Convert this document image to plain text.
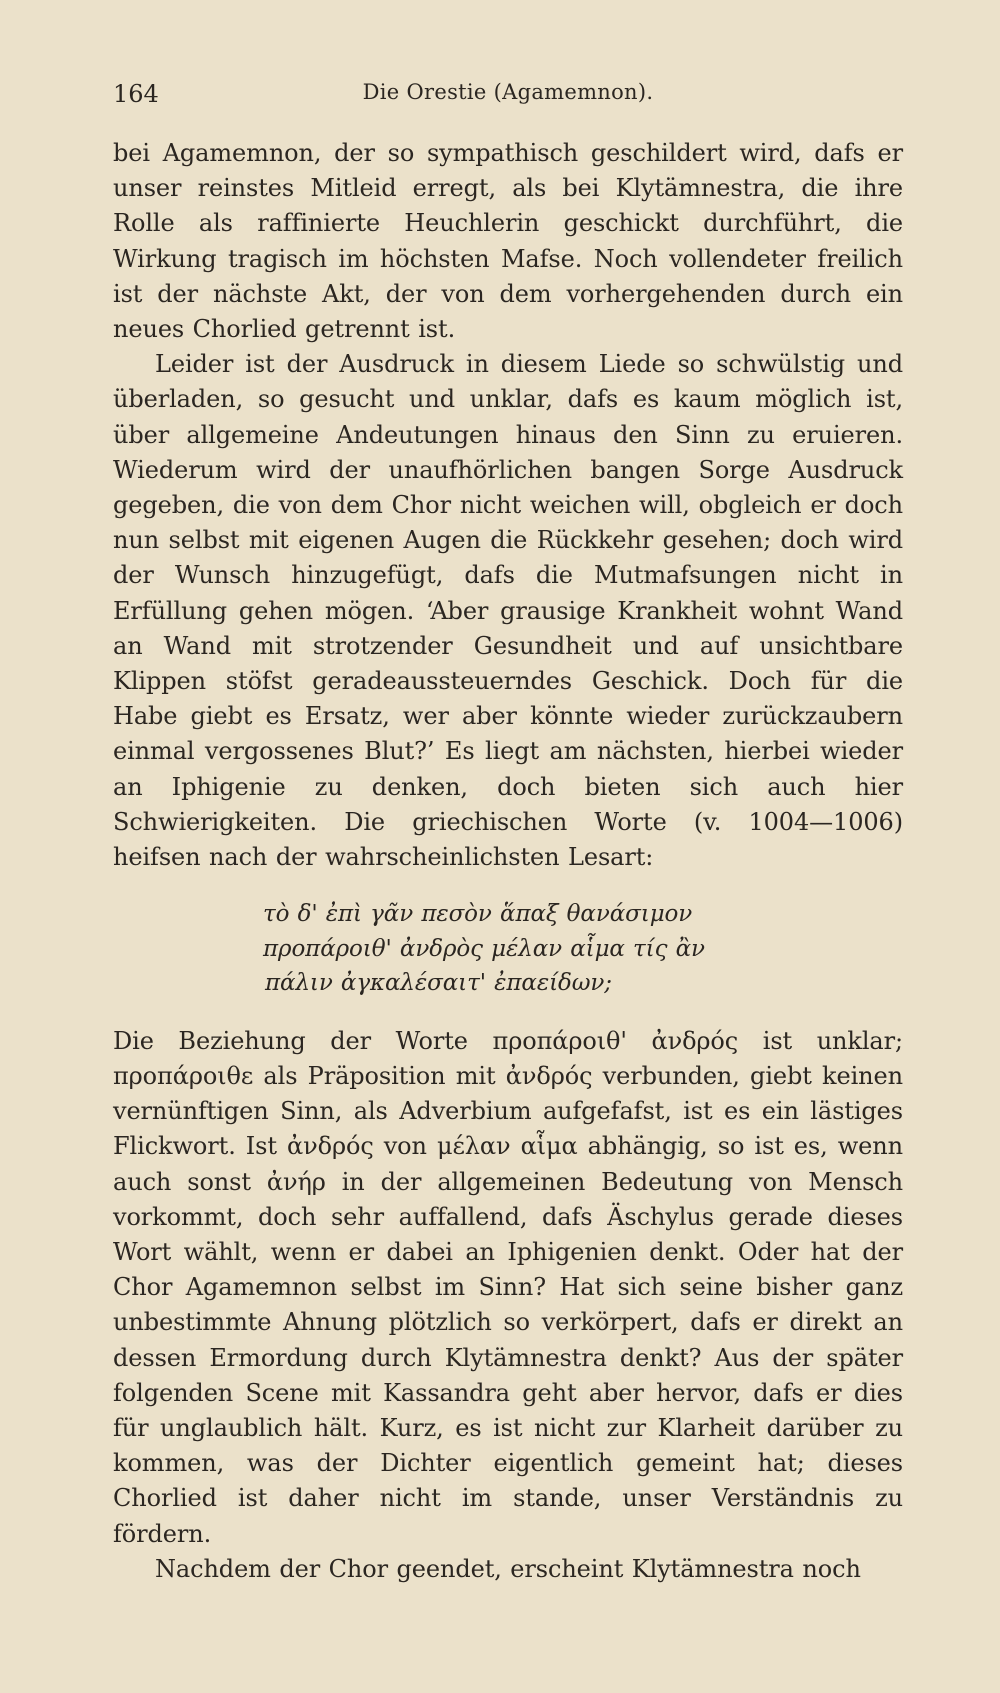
164	Die Orestie (Agamemnon).

bei Agamemnon, der so sympathisch geschildert wird, dafs er unser reinstes Mitleid erregt, als bei Klytämnestra, die ihre Rolle als raffinierte Heuchlerin geschickt durchführt, die Wirkung tragisch im höchsten Mafse. Noch vollendeter freilich ist der nächste Akt, der von dem vorhergehenden durch ein neues Chorlied getrennt ist.

Leider ist der Ausdruck in diesem Liede so schwülstig und überladen, so gesucht und unklar, dafs es kaum möglich ist, über allgemeine Andeutungen hinaus den Sinn zu eruieren. Wiederum wird der unaufhörlichen bangen Sorge Ausdruck gegeben, die von dem Chor nicht weichen will, obgleich er doch nun selbst mit eigenen Augen die Rückkehr gesehen; doch wird der Wunsch hinzugefügt, dafs die Mutmafsungen nicht in Erfüllung gehen mögen. ‘Aber grausige Krankheit wohnt Wand an Wand mit strotzender Gesundheit und auf unsichtbare Klippen stöfst geradeaussteuerndes Geschick. Doch für die Habe giebt es Ersatz, wer aber könnte wieder zurückzaubern einmal vergossenes Blut?’ Es liegt am nächsten, hierbei wieder an Iphigenie zu denken, doch bieten sich auch hier Schwierigkeiten. Die griechischen Worte (v. 1004—1006) heifsen nach der wahrscheinlichsten Lesart:

τὸ δ' ἐπὶ γᾶν πεσὸν ἅπαξ θανάσιμον
προπάροιθ' ἀνδρὸς μέλαν αἷμα τίς ἂν
πάλιν ἀγκαλέσαιτ' ἐπαείδων;

Die Beziehung der Worte προπάροιθ' ἀνδρός ist unklar; προπάροιθε als Präposition mit ἀνδρός verbunden, giebt keinen vernünftigen Sinn, als Adverbium aufgefafst, ist es ein lästiges Flickwort. Ist ἀνδρός von μέλαν αἷμα abhängig, so ist es, wenn auch sonst ἀνήρ in der allgemeinen Bedeutung von Mensch vorkommt, doch sehr auffallend, dafs Äschylus gerade dieses Wort wählt, wenn er dabei an Iphigenien denkt. Oder hat der Chor Agamemnon selbst im Sinn? Hat sich seine bisher ganz unbestimmte Ahnung plötzlich so verkörpert, dafs er direkt an dessen Ermordung durch Klytämnestra denkt? Aus der später folgenden Scene mit Kassandra geht aber hervor, dafs er dies für unglaublich hält. Kurz, es ist nicht zur Klarheit darüber zu kommen, was der Dichter eigentlich gemeint hat; dieses Chorlied ist daher nicht im stande, unser Verständnis zu fördern.

Nachdem der Chor geendet, erscheint Klytämnestra noch
